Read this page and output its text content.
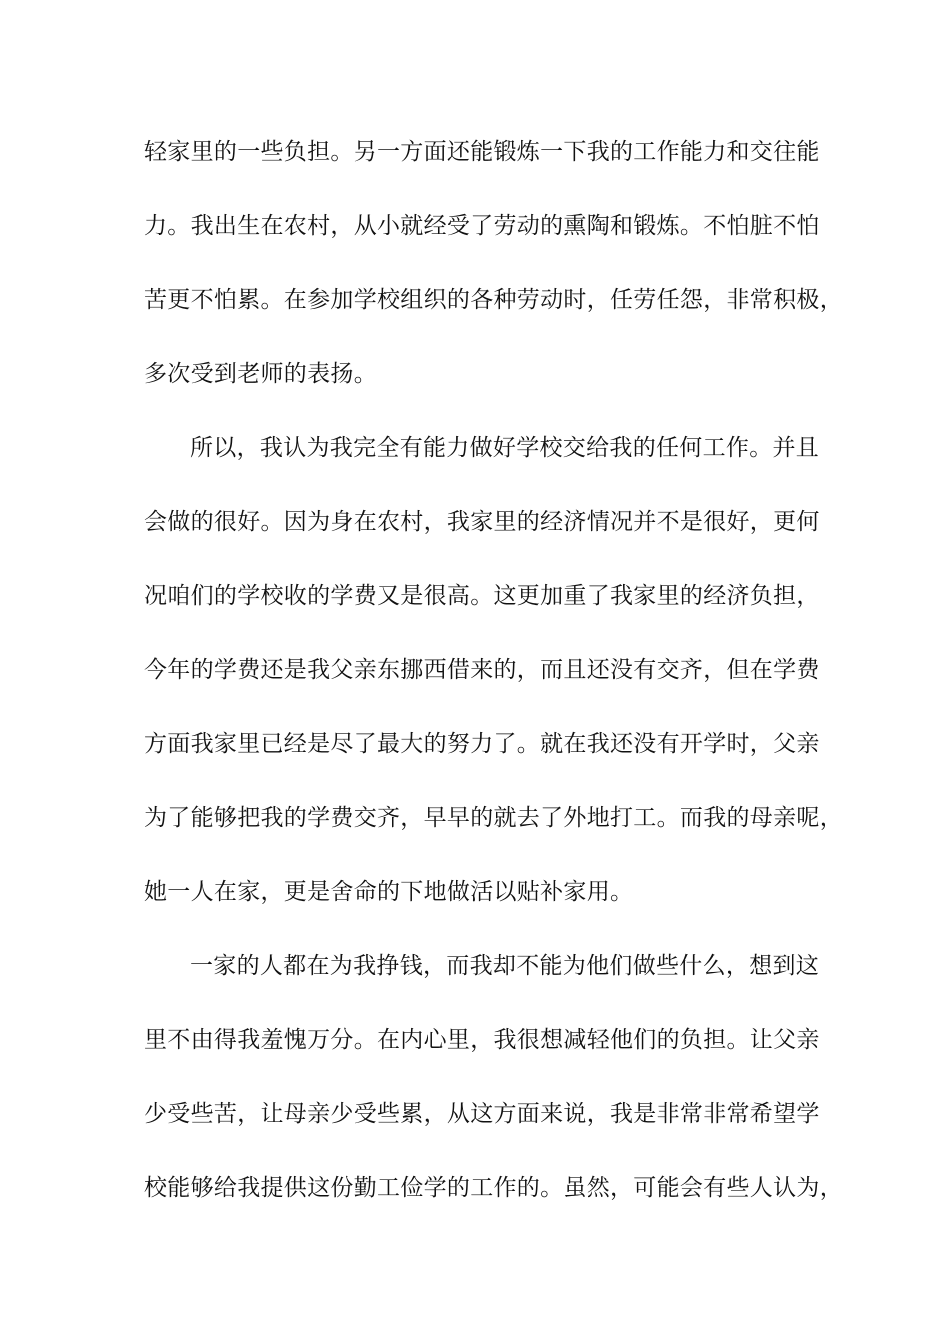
轻家里的一些负担。另一方面还能锻炼一下我的工作能力和交往能
力。我出生在农村，从小就经受了劳动的熏陶和锻炼。不怕脏不怕
苦更不怕累。在参加学校组织的各种劳动时，任劳任怨，非常积极，
多次受到老师的表扬。
所以，我认为我完全有能力做好学校交给我的任何工作。并且
会做的很好。因为身在农村，我家里的经济情况并不是很好，更何
况咱们的学校收的学费又是很高。这更加重了我家里的经济负担，
今年的学费还是我父亲东挪西借来的，而且还没有交齐，但在学费
方面我家里已经是尽了最大的努力了。就在我还没有开学时，父亲
为了能够把我的学费交齐，早早的就去了外地打工。而我的母亲呢，
她一人在家，更是舍命的下地做活以贴补家用。
一家的人都在为我挣钱，而我却不能为他们做些什么，想到这
里不由得我羞愧万分。在内心里，我很想减轻他们的负担。让父亲
少受些苦，让母亲少受些累，从这方面来说，我是非常非常希望学
校能够给我提供这份勤工俭学的工作的。虽然，可能会有些人认为，
